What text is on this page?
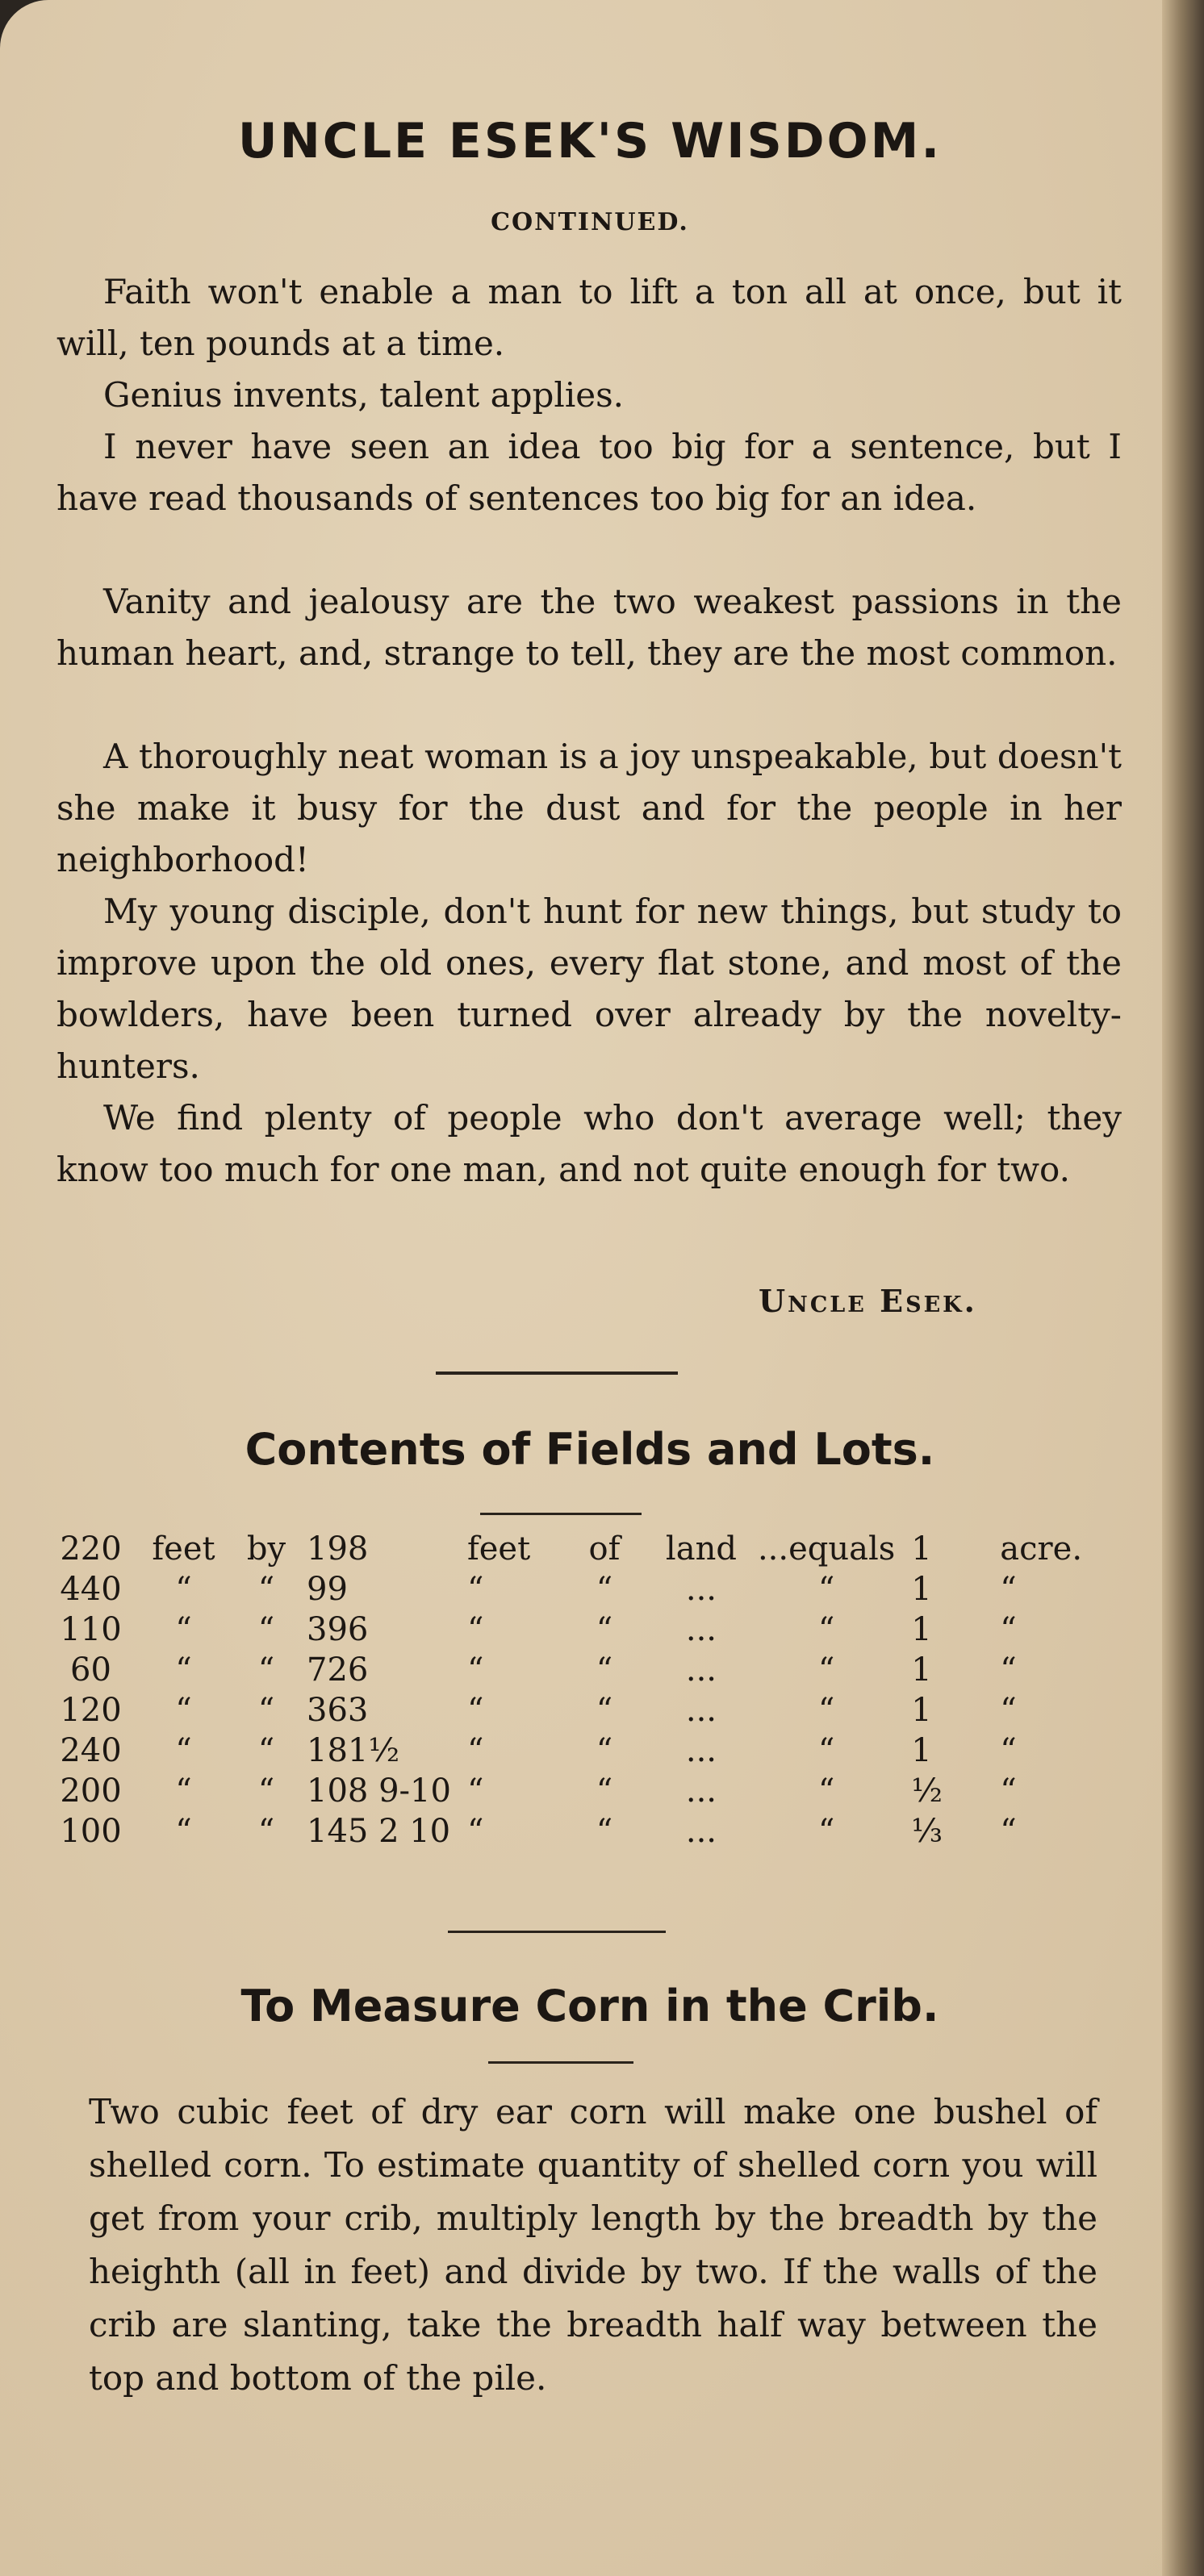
UNCLE ESEK'S WISDOM.
CONTINUED.

Faith won't enable a man to lift a ton all at once, but it will, ten pounds at a time.

Genius invents, talent applies.

I never have seen an idea too big for a sentence, but I have read thousands of sentences too big for an idea.

Vanity and jealousy are the two weakest passions in the human heart, and, strange to tell, they are the most common.

A thoroughly neat woman is a joy unspeakable, but doesn't she make it busy for the dust and for the people in her neighborhood!

My young disciple, don't hunt for new things, but study to improve upon the old ones, every flat stone, and most of the bowlders, have been turned over already by the novelty-hunters.

We find plenty of people who don't average well; they know too much for one man, and not quite enough for two.

Uncle Esek.
Contents of Fields and Lots.
220	feet	by	198	feet	of	land	...equals	1	acre.
440	“	“	99	“	“	...	“	1	“
110	“	“	396	“	“	...	“	1	“
60	“	“	726	“	“	...	“	1	“
120	“	“	363	“	“	...	“	1	“
240	“	“	181½	“	“	...	“	1	“
200	“	“	108 9-10	“	“	...	“	½	“
100	“	“	145 2 10	“	“	...	“	⅓	“
To Measure Corn in the Crib.

Two cubic feet of dry ear corn will make one bushel of shelled corn. To estimate quantity of shelled corn you will get from your crib, multiply length by the breadth by the heighth (all in feet) and divide by two. If the walls of the crib are slanting, take the breadth half way between the top and bottom of the pile.
